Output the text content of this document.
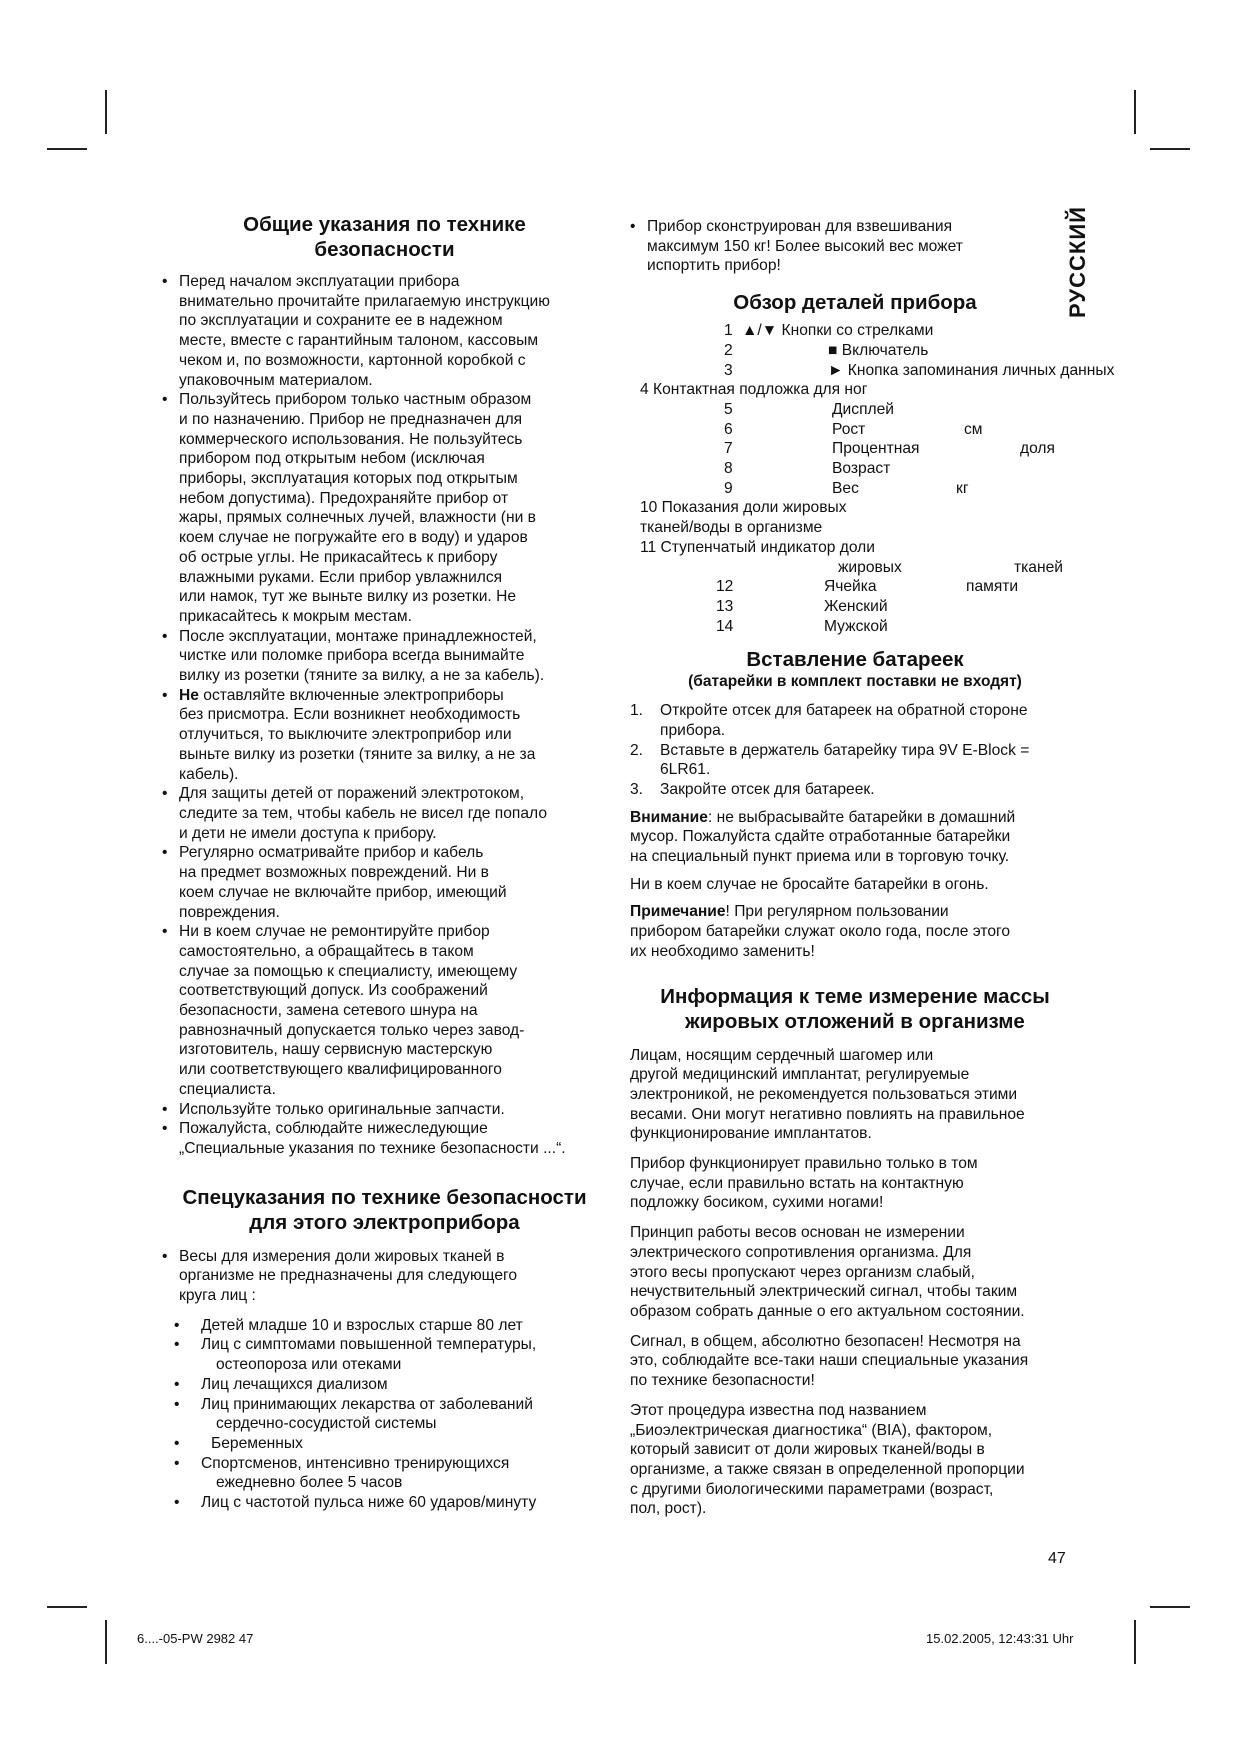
РУССКИЙ
Общие указания по технике
безопасности
• Перед началом эксплуатации прибора
внимательно прочитайте прилагаемую инструкцию
по эксплуатации и сохраните ее в надежном
месте, вместе с гарантийным талоном, кассовым
чеком и, по возможности, картонной коробкой с
упаковочным материалом.
• Пользуйтесь прибором только частным образом
и по назначению. Прибор не предназначен для
коммерческого использования. Не пользуйтесь
прибором под открытым небом (исключая
приборы, эксплуатация которых под открытым
небом допустима). Предохраняйте прибор от
жары, прямых солнечных лучей, влажности (ни в
коем случае не погружайте его в воду) и ударов
об острые углы. Не прикасайтесь к прибору
влажными руками. Если прибор увлажнился
или намок, тут же выньте вилку из розетки. Не
прикасайтесь к мокрым местам.
• После эксплуатации, монтаже принадлежностей,
чистке или поломке прибора всегда вынимайте
вилку из розетки (тяните за вилку, а не за кабель).
• Не оставляйте включенные электроприборы
без присмотра. Если возникнет необходимость
отлучиться, то выключите электроприбор или
выньте вилку из розетки (тяните за вилку, а не за
кабель).
• Для защиты детей от поражений электротоком,
следите за тем, чтобы кабель не висел где попало
и дети не имели доступа к прибору.
• Регулярно осматривайте прибор и кабель
на предмет возможных повреждений. Ни в
коем случае не включайте прибор, имеющий
повреждения.
• Ни в коем случае не ремонтируйте прибор
самостоятельно, а обращайтесь в таком
случае за помощью к специалисту, имеющему
соответствующий допуск. Из соображений
безопасности, замена сетевого шнура на
равнозначный допускается только через завод-
изготовитель, нашу сервисную мастерскую
или соответствующего квалифицированного
специалиста.
• Используйте только оригинальные запчасти.
• Пожалуйста, соблюдайте нижеследующие
„Специальные указания по технике безопасности ...“.
Спецуказания по технике безопасности
для этого электроприбора
• Весы для измерения доли жировых тканей в
организме не предназначены для следующего
круга лиц :
• Детей младше 10 и взрослых старше 80 лет
• Лиц с симптомами повышенной температуры,
остеопороза или отеками
• Лиц лечащихся диализом
• Лиц принимающих лекарства от заболеваний
сердечно-сосудистой системы
•	Беременных
• Спортсменов, интенсивно тренирующихся
ежедневно более 5 часов
• Лиц с частотой пульса ниже 60 ударов/минуту
• Прибор сконструирован для взвешивания
максимум 150 кг! Более высокий вес может
испортить прибор!
Обзор деталей прибора
1 ▲/▼ Кнопки со стрелками
2	■ Включатель
3	► Кнопка запоминания личных данных
4 Контактная подложка для ног
5	Дисплей
6	Рост	см
7	Процентная	доля
8	Возраст
9	Вес	кг
10 Показания доли жировых
тканей/воды в организме
11 Ступенчатый индикатор доли
жировых	тканей
12	Ячейка	памяти
13	Женский
14	Мужской
Вставление батареек
(батарейки в комплект поставки не входят)
1. Откройте отсек для батареек на обратной стороне
прибора.
2. Вставьте в держатель батарейку тира 9V E-Block =
6LR61.
3. Закройте отсек для батареек.
Внимание: не выбрасывайте батарейки в домашний
мусор. Пожалуйста сдайте отработанные батарейки
на специальный пункт приема или в торговую точку.
Ни в коем случае не бросайте батарейки в огонь.
Примечание! При регулярном пользовании
прибором батарейки служат около года, после этого
их необходимо заменить!
Информация к теме измерение массы
жировых отложений в организме
Лицам, носящим сердечный шагомер или
другой медицинский имплантат, регулируемые
электроникой, не рекомендуется пользоваться этими
весами. Они могут негативно повлиять на правильное
функционирование имплантатов.
Прибор функционирует правильно только в том
случае, если правильно встать на контактную
подложку босиком, сухими ногами!
Принцип работы весов основан не измерении
электрического сопротивления организма. Для
этого весы пропускают через организм слабый,
нечуствительный электрический сигнал, чтобы таким
образом собрать данные о его актуальном состоянии.
Сигнал, в общем, абсолютно безопасен! Несмотря на
это, соблюдайте все-таки наши специальные указания
по технике безопасности!
Этот процедура известна под названием
„Биоэлектрическая диагностика“ (BIA), фактором,
который зависит от доли жировых тканей/воды в
организме, а также связан в определенной пропорции
с другими биологическими параметрами (возраст,
пол, рост).
47
6....-05-PW 2982 47	15.02.2005, 12:43:31 Uhr
